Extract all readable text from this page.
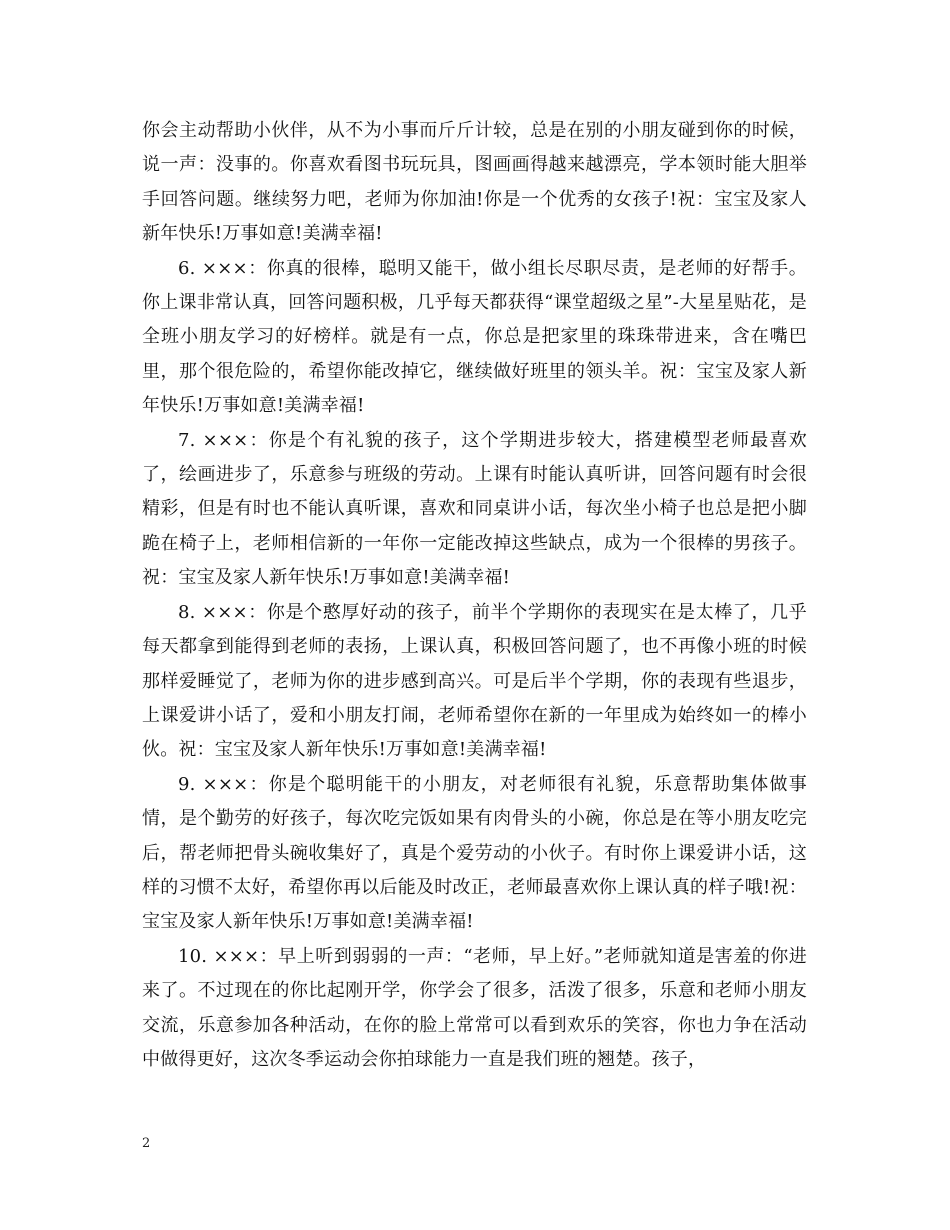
你会主动帮助小伙伴，从不为小事而斤斤计较，总是在别的小朋友碰到你的时候，说一声：没事的。你喜欢看图书玩玩具，图画画得越来越漂亮，学本领时能大胆举手回答问题。继续努力吧，老师为你加油!你是一个优秀的女孩子!祝：宝宝及家人新年快乐!万事如意!美满幸福!

6. ×××：你真的很棒，聪明又能干，做小组长尽职尽责，是老师的好帮手。你上课非常认真，回答问题积极，几乎每天都获得“课堂超级之星”-大星星贴花，是全班小朋友学习的好榜样。就是有一点，你总是把家里的珠珠带进来，含在嘴巴里，那个很危险的，希望你能改掉它，继续做好班里的领头羊。祝：宝宝及家人新年快乐!万事如意!美满幸福!

7. ×××：你是个有礼貌的孩子，这个学期进步较大，搭建模型老师最喜欢了，绘画进步了，乐意参与班级的劳动。上课有时能认真听讲，回答问题有时会很精彩，但是有时也不能认真听课，喜欢和同桌讲小话，每次坐小椅子也总是把小脚跪在椅子上，老师相信新的一年你一定能改掉这些缺点，成为一个很棒的男孩子。祝：宝宝及家人新年快乐!万事如意!美满幸福!

8. ×××：你是个憨厚好动的孩子，前半个学期你的表现实在是太棒了，几乎每天都拿到能得到老师的表扬，上课认真，积极回答问题了，也不再像小班的时候那样爱睡觉了，老师为你的进步感到高兴。可是后半个学期，你的表现有些退步，上课爱讲小话了，爱和小朋友打闹，老师希望你在新的一年里成为始终如一的棒小伙。祝：宝宝及家人新年快乐!万事如意!美满幸福!

9. ×××：你是个聪明能干的小朋友，对老师很有礼貌，乐意帮助集体做事情，是个勤劳的好孩子，每次吃完饭如果有肉骨头的小碗，你总是在等小朋友吃完后，帮老师把骨头碗收集好了，真是个爱劳动的小伙子。有时你上课爱讲小话，这样的习惯不太好，希望你再以后能及时改正，老师最喜欢你上课认真的样子哦!祝：宝宝及家人新年快乐!万事如意!美满幸福!

10. ×××：早上听到弱弱的一声：“老师，早上好。”老师就知道是害羞的你进来了。不过现在的你比起刚开学，你学会了很多，活泼了很多，乐意和老师小朋友交流，乐意参加各种活动，在你的脸上常常可以看到欢乐的笑容，你也力争在活动中做得更好，这次冬季运动会你拍球能力一直是我们班的翘楚。孩子，

2
